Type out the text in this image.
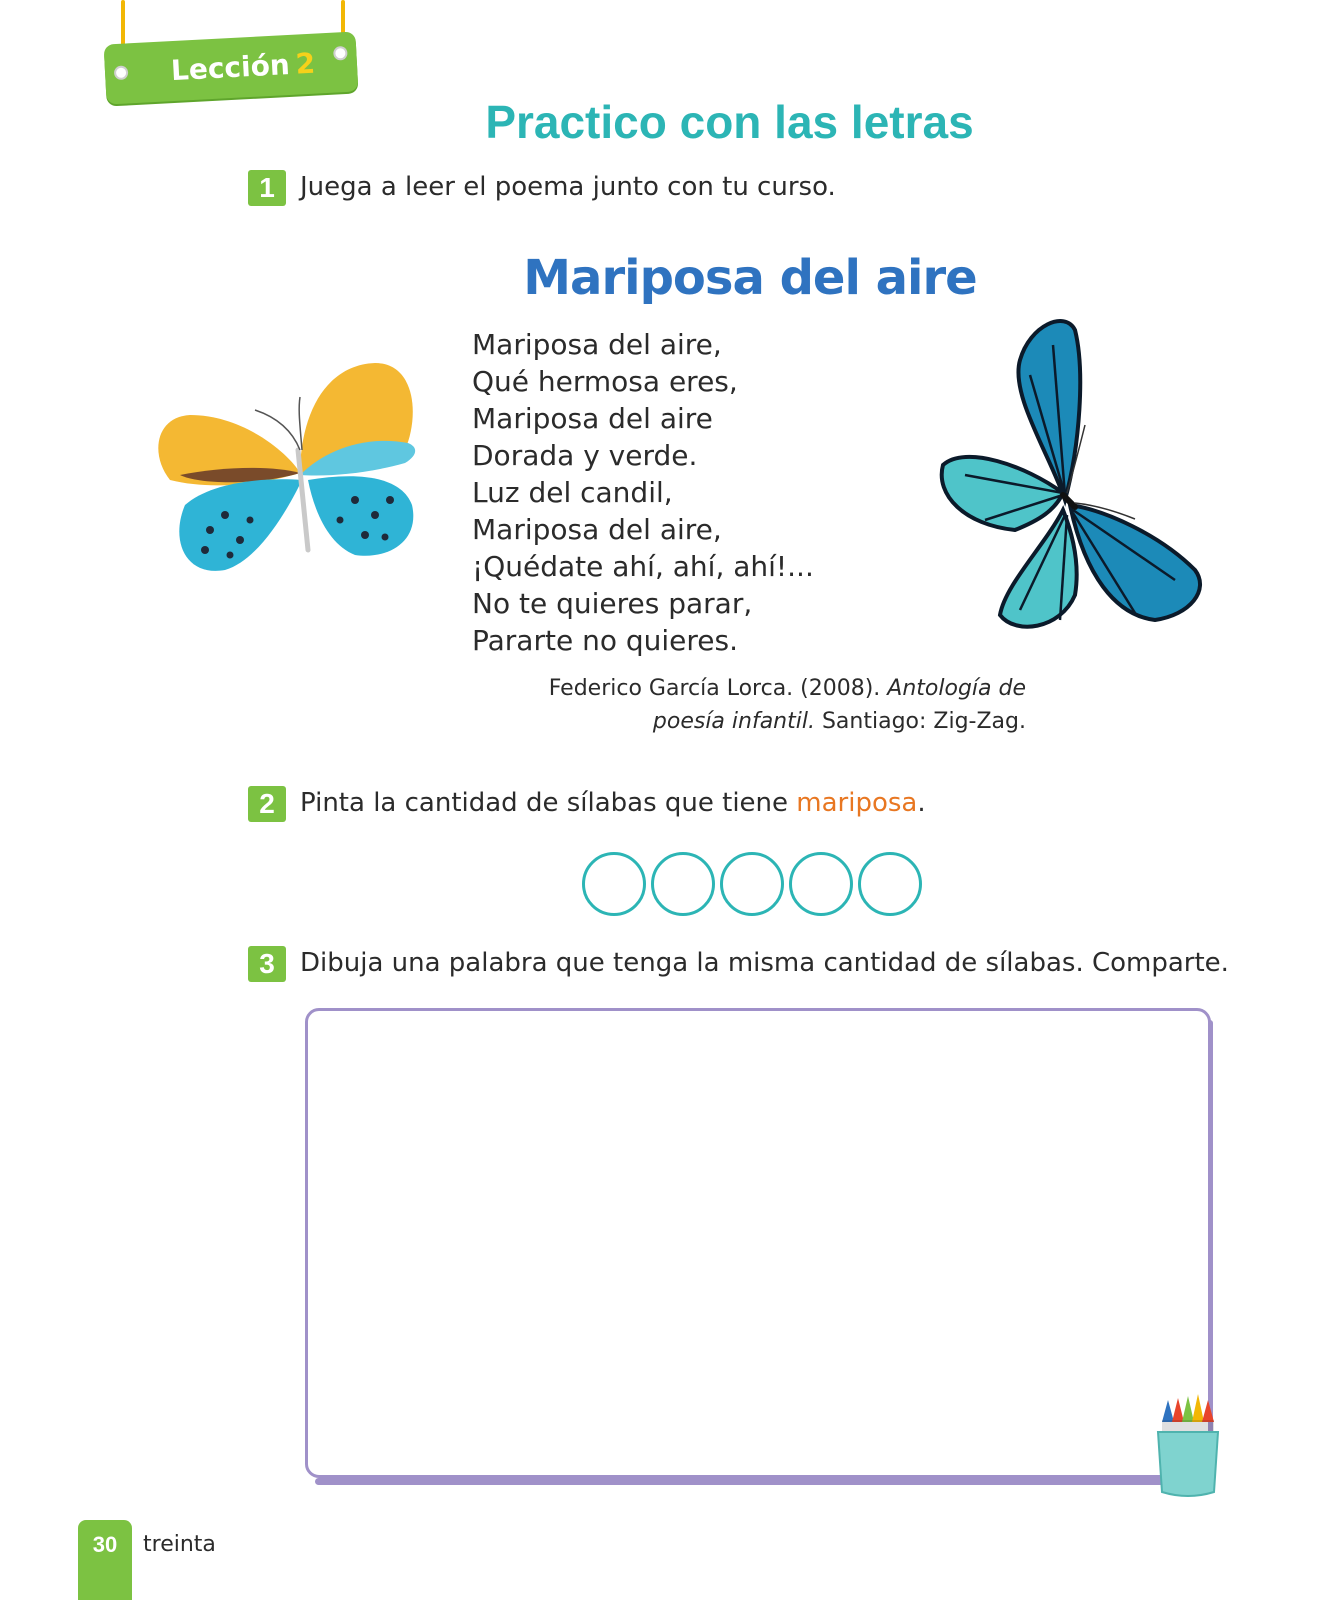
Lección 2
Practico con las letras
1 Juega a leer el poema junto con tu curso.
Mariposa del aire
Mariposa del aire,
Qué hermosa eres,
Mariposa del aire
Dorada y verde.
Luz del candil,
Mariposa del aire,
¡Quédate ahí, ahí, ahí!...
No te quieres parar,
Pararte no quieres.
Federico García Lorca. (2008). Antología de poesía infantil. Santiago: Zig-Zag.
2 Pinta la cantidad de sílabas que tiene mariposa.
3 Dibuja una palabra que tenga la misma cantidad de sílabas. Comparte.
30	treinta
